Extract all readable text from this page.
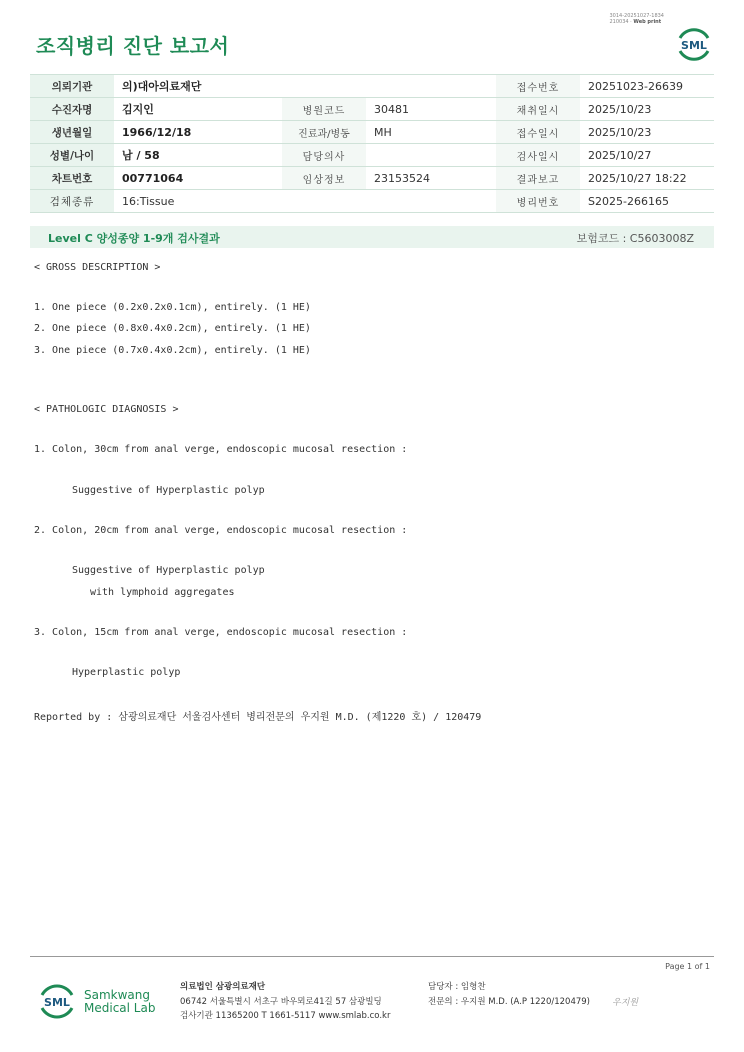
3014-20251027-1834
210034 · Web print
조직병리 진단 보고서	SML
의뢰기관	의)대아의료재단			접수번호	20251023-26639
수진자명	김지인	병원코드	30481	채취일시	2025/10/23
생년월일	1966/12/18	진료과/병동	MH	접수일시	2025/10/23
성별/나이	남 / 58	담당의사		검사일시	2025/10/27
차트번호	00771064	임상정보	23153524	결과보고	2025/10/27 18:22
검체종류	16:Tissue			병리번호	S2025-266165
Level C 양성종양 1-9개 검사결과	보험코드 : C5603008Z
< GROSS DESCRIPTION >
1. One piece (0.2x0.2x0.1cm), entirely. (1 HE)
2. One piece (0.8x0.4x0.2cm), entirely. (1 HE)
3. One piece (0.7x0.4x0.2cm), entirely. (1 HE)
< PATHOLOGIC DIAGNOSIS >
1. Colon, 30cm from anal verge, endoscopic mucosal resection :
Suggestive of Hyperplastic polyp
2. Colon, 20cm from anal verge, endoscopic mucosal resection :
Suggestive of Hyperplastic polyp
with lymphoid aggregates
3. Colon, 15cm from anal verge, endoscopic mucosal resection :
Hyperplastic polyp
Reported by : 삼광의료재단 서울검사센터 병리전문의 우지원 M.D. (제1220 호) / 120479
Page 1 of 1
SML
Samkwang
Medical Lab
의료법인 삼광의료재단
06742 서울특별시 서초구 바우뫼로41길 57 삼광빌딩
검사기관 11365200 T 1661-5117 www.smlab.co.kr
담당자 : 임형찬
전문의 : 우지원 M.D. (A.P 1220/120479) 우지원
